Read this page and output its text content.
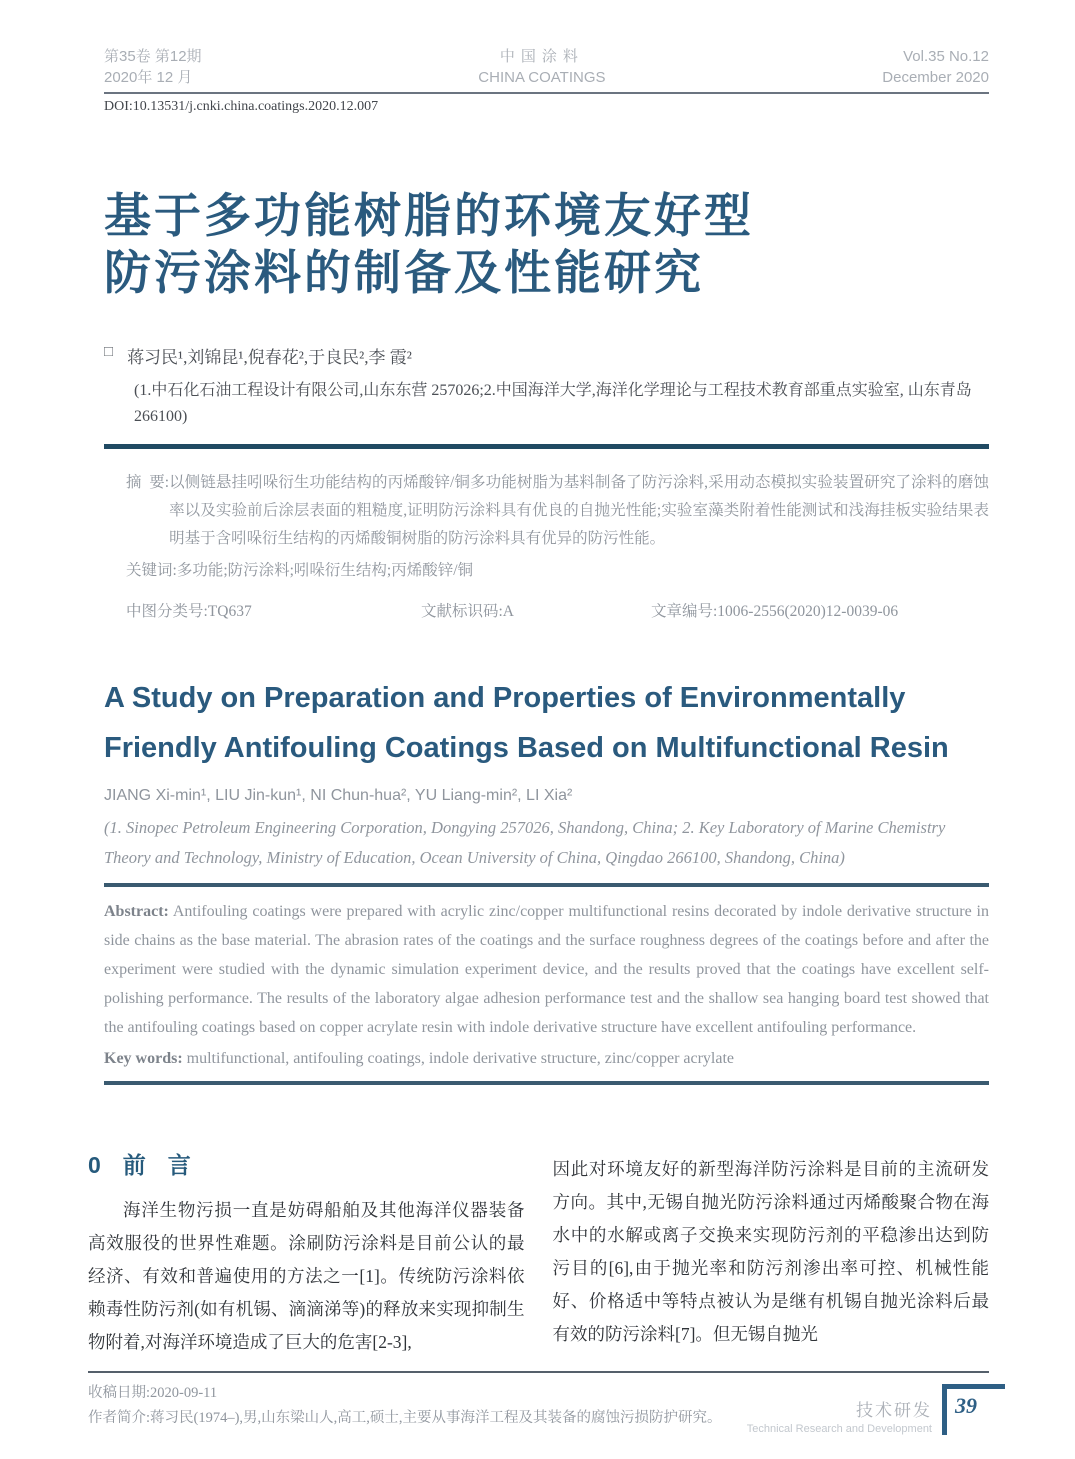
第35卷 第12期
2020年 12 月
中国涂料
CHINA COATINGS
Vol.35 No.12
December 2020
DOI:10.13531/j.cnki.china.coatings.2020.12.007
基于多功能树脂的环境友好型
防污涂料的制备及性能研究
□ 蒋习民¹,刘锦昆¹,倪春花²,于良民²,李 霞²
(1.中石化石油工程设计有限公司,山东东营 257026;2.中国海洋大学,海洋化学理论与工程技术教育部重点实验室, 山东青岛 266100)
摘  要: 以侧链悬挂吲哚衍生功能结构的丙烯酸锌/铜多功能树脂为基料制备了防污涂料,采用动态模拟实验装置研究了涂料的磨蚀率以及实验前后涂层表面的粗糙度,证明防污涂料具有优良的自抛光性能;实验室藻类附着性能测试和浅海挂板实验结果表明基于含吲哚衍生结构的丙烯酸铜树脂的防污涂料具有优异的防污性能。
关键词: 多功能;防污涂料;吲哚衍生结构;丙烯酸锌/铜
中图分类号:TQ637	文献标识码:A	文章编号:1006-2556(2020)12-0039-06
A Study on Preparation and Properties of Environmentally Friendly Antifouling Coatings Based on Multifunctional Resin
JIANG Xi-min¹, LIU Jin-kun¹, NI Chun-hua², YU Liang-min², LI Xia²
(1. Sinopec Petroleum Engineering Corporation, Dongying 257026, Shandong, China; 2. Key Laboratory of Marine Chemistry Theory and Technology, Ministry of Education, Ocean University of China, Qingdao 266100, Shandong, China)
Abstract: Antifouling coatings were prepared with acrylic zinc/copper multifunctional resins decorated by indole derivative structure in side chains as the base material. The abrasion rates of the coatings and the surface roughness degrees of the coatings before and after the experiment were studied with the dynamic simulation experiment device, and the results proved that the coatings have excellent self-polishing performance. The results of the laboratory algae adhesion performance test and the shallow sea hanging board test showed that the antifouling coatings based on copper acrylate resin with indole derivative structure have excellent antifouling performance.
Key words: multifunctional, antifouling coatings, indole derivative structure, zinc/copper acrylate
0 前言
海洋生物污损一直是妨碍船舶及其他海洋仪器装备高效服役的世界性难题。涂刷防污涂料是目前公认的最经济、有效和普遍使用的方法之一[1]。传统防污涂料依赖毒性防污剂(如有机锡、滴滴涕等)的释放来实现抑制生物附着,对海洋环境造成了巨大的危害[2-3],
因此对环境友好的新型海洋防污涂料是目前的主流研发方向。其中,无锡自抛光防污涂料通过丙烯酸聚合物在海水中的水解或离子交换来实现防污剂的平稳渗出达到防污目的[6],由于抛光率和防污剂渗出率可控、机械性能好、价格适中等特点被认为是继有机锡自抛光涂料后最有效的防污涂料[7]。但无锡自抛光
收稿日期:2020-09-11
作者简介:蒋习民(1974–),男,山东梁山人,高工,硕士,主要从事海洋工程及其装备的腐蚀污损防护研究。	技术研发
Technical Research and Development
39
